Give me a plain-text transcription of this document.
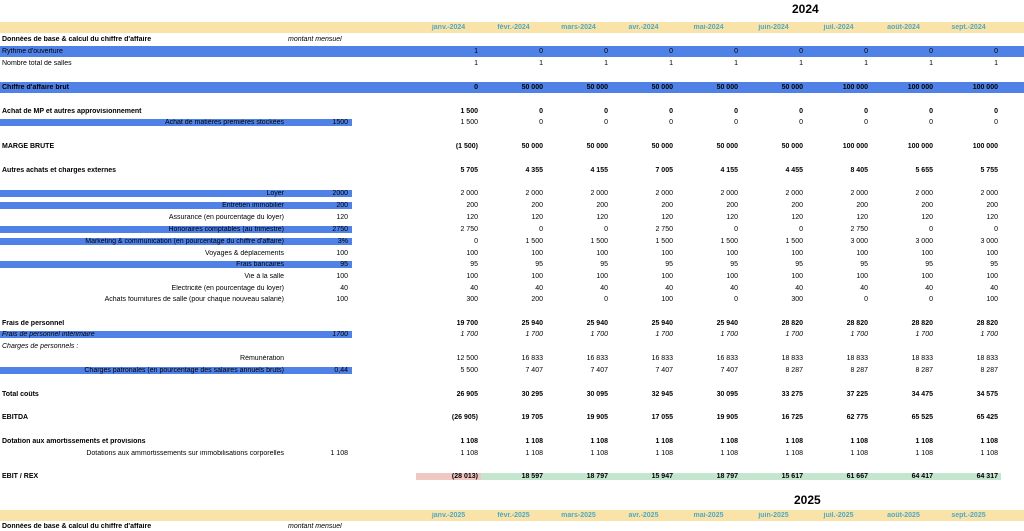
2024
janv.-2024	févr.-2024	mars-2024	avr.-2024	mai-2024	juin-2024	juil.-2024	août-2024	sept.-2024
Données de base & calcul du chiffre d'affaire	montant mensuel
Rythme d'ouverture	1	0	0	0	0	0	0	0	0
Nombre total de salles	1	1	1	1	1	1	1	1	1
Chiffre d'affaire brut	0	50 000	50 000	50 000	50 000	50 000	100 000	100 000	100 000
Achat de MP et autres approvisionnement	1 500	0	0	0	0	0	0	0	0
Achat de matières premières stockées	1500	1 500	0	0	0	0	0	0	0	0
MARGE BRUTE	(1 500)	50 000	50 000	50 000	50 000	50 000	100 000	100 000	100 000
Autres achats et charges externes	5 705	4 355	4 155	7 005	4 155	4 455	8 405	5 655	5 755
Loyer	2000	2 000	2 000	2 000	2 000	2 000	2 000	2 000	2 000	2 000
Entretien immobilier	200	200	200	200	200	200	200	200	200	200
Assurance (en pourcentage du loyer)	120	120	120	120	120	120	120	120	120	120
Honoraires comptables (au trimestre)	2750	2 750	0	0	2 750	0	0	2 750	0	0
Marketing & communication (en pourcentage du chiffre d'affaire)	3%	0	1 500	1 500	1 500	1 500	1 500	3 000	3 000	3 000
Voyages & déplacements	100	100	100	100	100	100	100	100	100	100
Frais bancaires	95	95	95	95	95	95	95	95	95	95
Vie à la salle	100	100	100	100	100	100	100	100	100	100
Électricité (en pourcentage du loyer)	40	40	40	40	40	40	40	40	40	40
Achats fournitures de salle (pour chaque nouveau salarié)	100	300	200	0	100	0	300	0	0	100
Frais de personnel	19 700	25 940	25 940	25 940	25 940	28 820	28 820	28 820	28 820
Frais de personnel intérimaire	1700	1 700	1 700	1 700	1 700	1 700	1 700	1 700	1 700	1 700
Charges de personnels :
Rémunération	12 500	16 833	16 833	16 833	16 833	18 833	18 833	18 833	18 833
Charges patronales (en pourcentage des salaires annuels bruts)	0,44	5 500	7 407	7 407	7 407	7 407	8 287	8 287	8 287	8 287
Total coûts	26 905	30 295	30 095	32 945	30 095	33 275	37 225	34 475	34 575
EBITDA	(26 905)	19 705	19 905	17 055	19 905	16 725	62 775	65 525	65 425
Dotation aux amortissements et provisions	1 108	1 108	1 108	1 108	1 108	1 108	1 108	1 108	1 108
Dotations aux ammortissements sur immobilisations corporelles	1 108	1 108	1 108	1 108	1 108	1 108	1 108	1 108	1 108	1 108
EBIT / REX	(28 013)	18 597	18 797	15 947	18 797	15 617	61 667	64 417	64 317
2025
janv.-2025	févr.-2025	mars-2025	avr.-2025	mai-2025	juin-2025	juil.-2025	août-2025	sept.-2025
Données de base & calcul du chiffre d'affaire	montant mensuel
